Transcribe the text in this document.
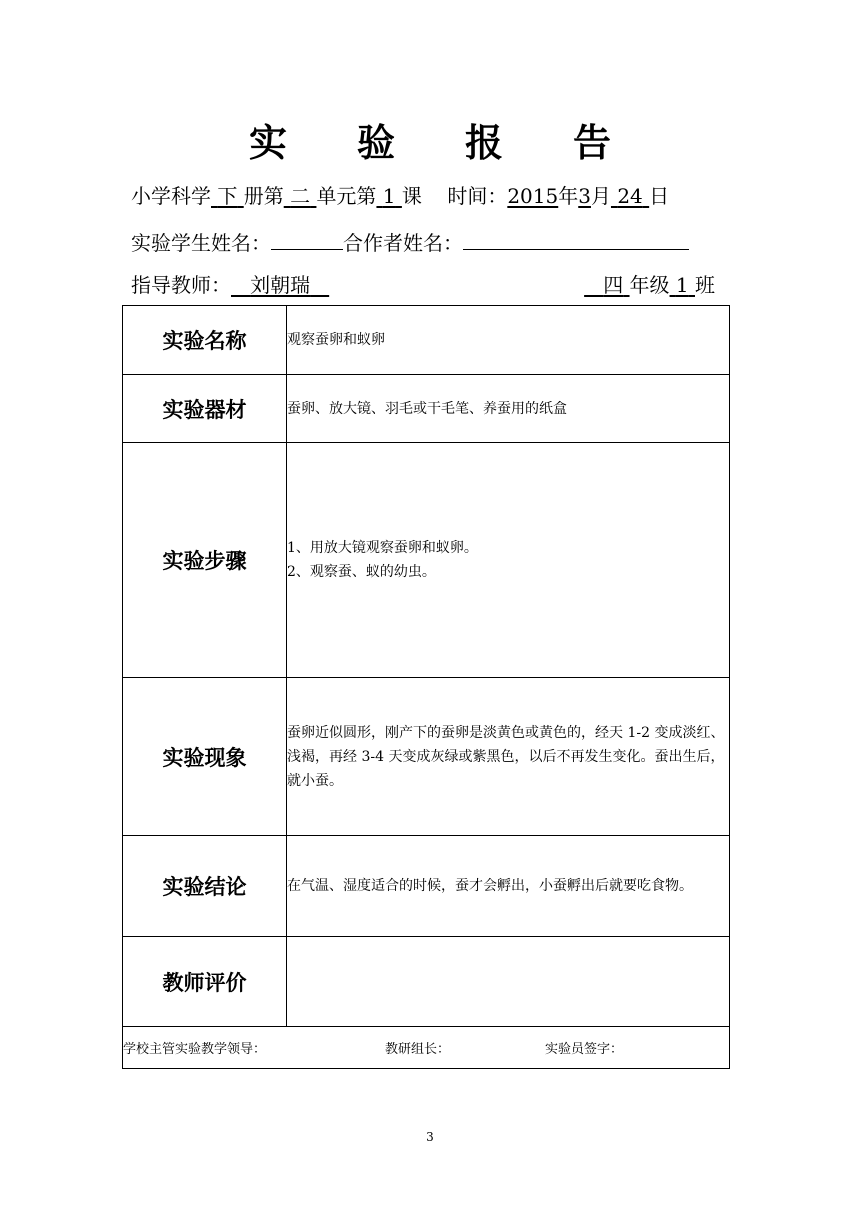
实 验 报 告
小学科学 下 册第 二 单元第 1 课 时间：2015年3月 24 日
实验学生姓名：	合作者姓名：
指导教师： 刘朝瑞	四 年级 1 班
实验名称	观察蚕卵和蚁卵
实验器材	蚕卵、放大镜、羽毛或干毛笔、养蚕用的纸盒
实验步骤	1、用放大镜观察蚕卵和蚁卵。
2、观察蚕、蚁的幼虫。

实验现象	蚕卵近似圆形，刚产下的蚕卵是淡黄色或黄色的，经天 1-2 变成淡红、浅褐，再经 3-4 天变成灰绿或紫黑色，以后不再发生变化。蚕出生后，就小蚕。
实验结论	在气温、湿度适合的时候，蚕才会孵出，小蚕孵出后就要吃食物。
教师评价	
学校主管实验教学领导： 教研组长： 实验员签字：	
3
